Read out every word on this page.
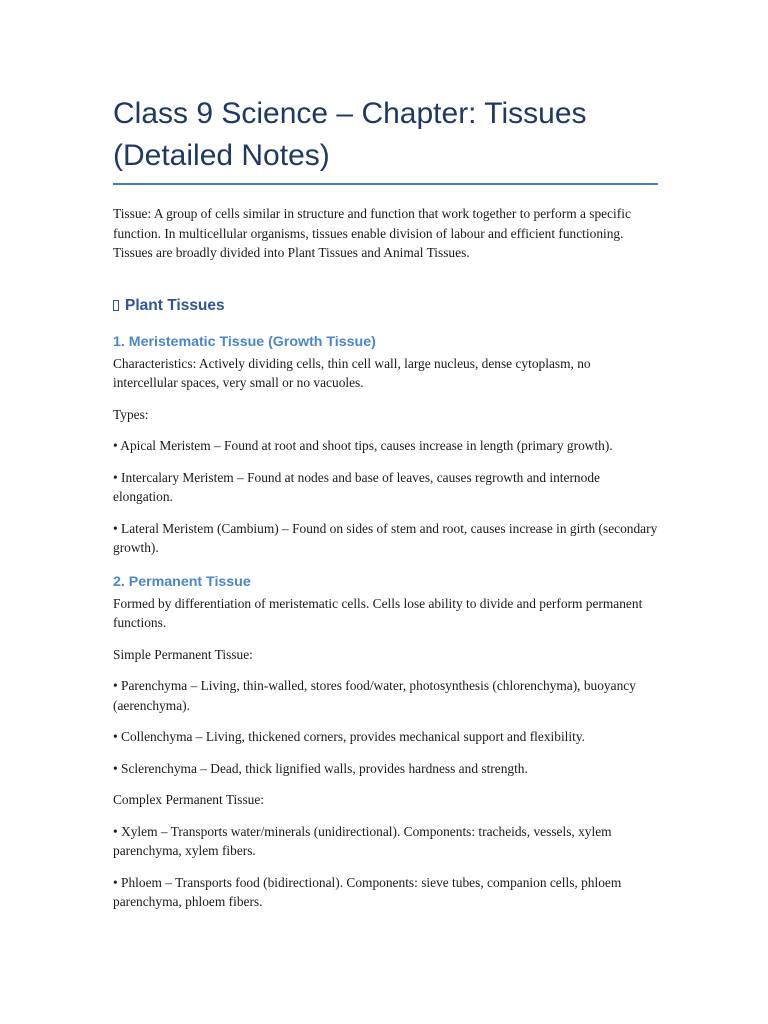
Class 9 Science – Chapter: Tissues (Detailed Notes)

Tissue: A group of cells similar in structure and function that work together to perform a specific function. In multicellular organisms, tissues enable division of labour and efficient functioning. Tissues are broadly divided into Plant Tissues and Animal Tissues.

Plant Tissues
1. Meristematic Tissue (Growth Tissue)

Characteristics: Actively dividing cells, thin cell wall, large nucleus, dense cytoplasm, no intercellular spaces, very small or no vacuoles.

Types:

• Apical Meristem – Found at root and shoot tips, causes increase in length (primary growth).

• Intercalary Meristem – Found at nodes and base of leaves, causes regrowth and internode elongation.

• Lateral Meristem (Cambium) – Found on sides of stem and root, causes increase in girth (secondary growth).

2. Permanent Tissue

Formed by differentiation of meristematic cells. Cells lose ability to divide and perform permanent functions.

Simple Permanent Tissue:

• Parenchyma – Living, thin-walled, stores food/water, photosynthesis (chlorenchyma), buoyancy (aerenchyma).

• Collenchyma – Living, thickened corners, provides mechanical support and flexibility.

• Sclerenchyma – Dead, thick lignified walls, provides hardness and strength.

Complex Permanent Tissue:

• Xylem – Transports water/minerals (unidirectional). Components: tracheids, vessels, xylem parenchyma, xylem fibers.

• Phloem – Transports food (bidirectional). Components: sieve tubes, companion cells, phloem parenchyma, phloem fibers.
